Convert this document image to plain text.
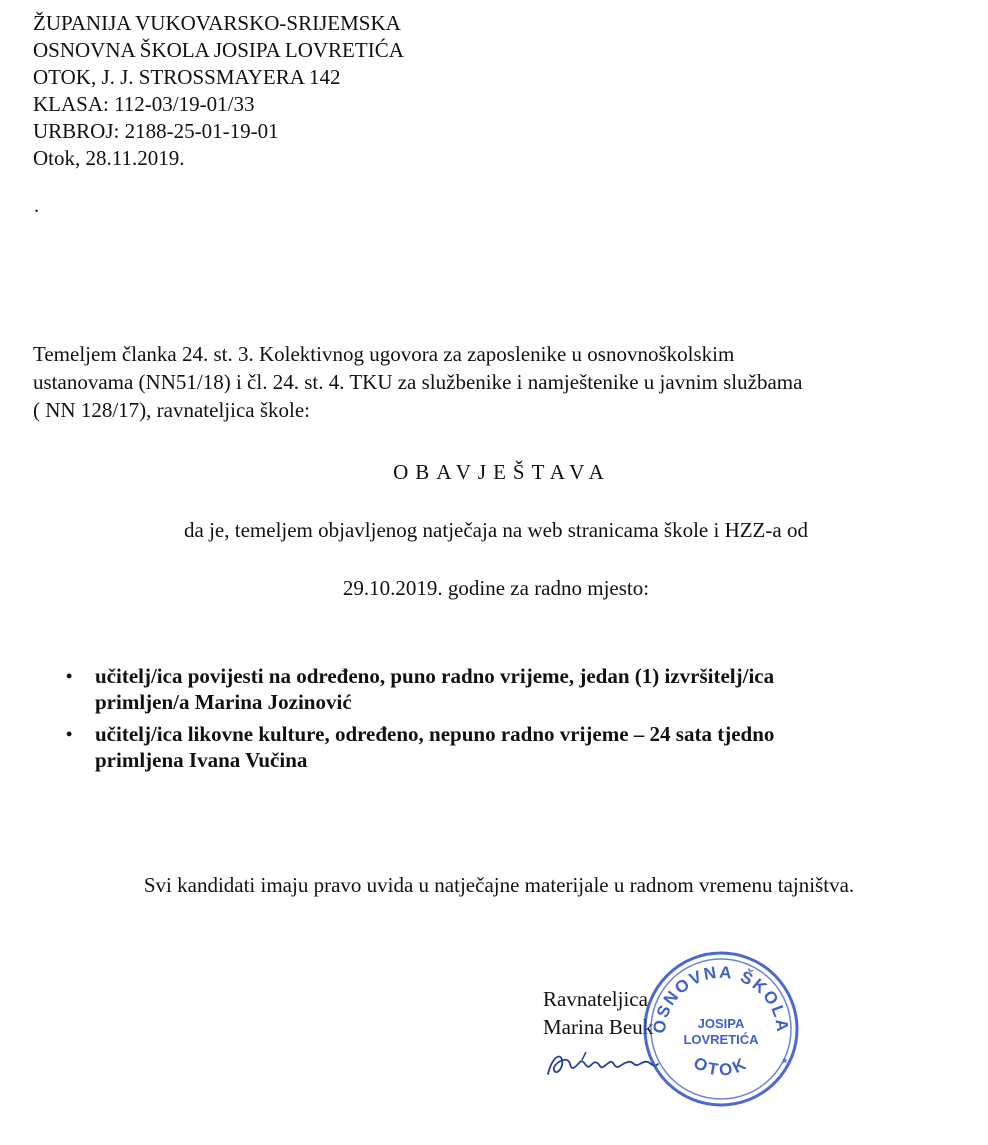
ŽUPANIJA VUKOVARSKO-SRIJEMSKA
OSNOVNA ŠKOLA JOSIPA LOVRETIĆA
OTOK, J. J. STROSSMAYERA 142
KLASA: 112-03/19-01/33
URBROJ: 2188-25-01-19-01
Otok, 28.11.2019.
.
Temeljem članka 24. st. 3. Kolektivnog ugovora za zaposlenike u osnovnoškolskim
ustanovama (NN51/18) i čl. 24. st. 4. TKU za službenike i namještenike u javnim službama
( NN 128/17), ravnateljica škole:
OBAVJEŠTAVA
da je, temeljem objavljenog natječaja na web stranicama škole i HZZ-a od
29.10.2019. godine za radno mjesto:
• učitelj/ica povijesti na određeno, puno radno vrijeme, jedan (1) izvršitelj/ica
primljen/a Marina Jozinović
• učitelj/ica likovne kulture, određeno, nepuno radno vrijeme – 24 sata tjedno
primljena Ivana Vučina
Svi kandidati imaju pravo uvida u natječajne materijale u radnom vremenu tajništva.
Ravnateljica
Marina Beuk
OSNOVNA ŠKOLA
JOSIPA
LOVRETIĆA
OTOK *
